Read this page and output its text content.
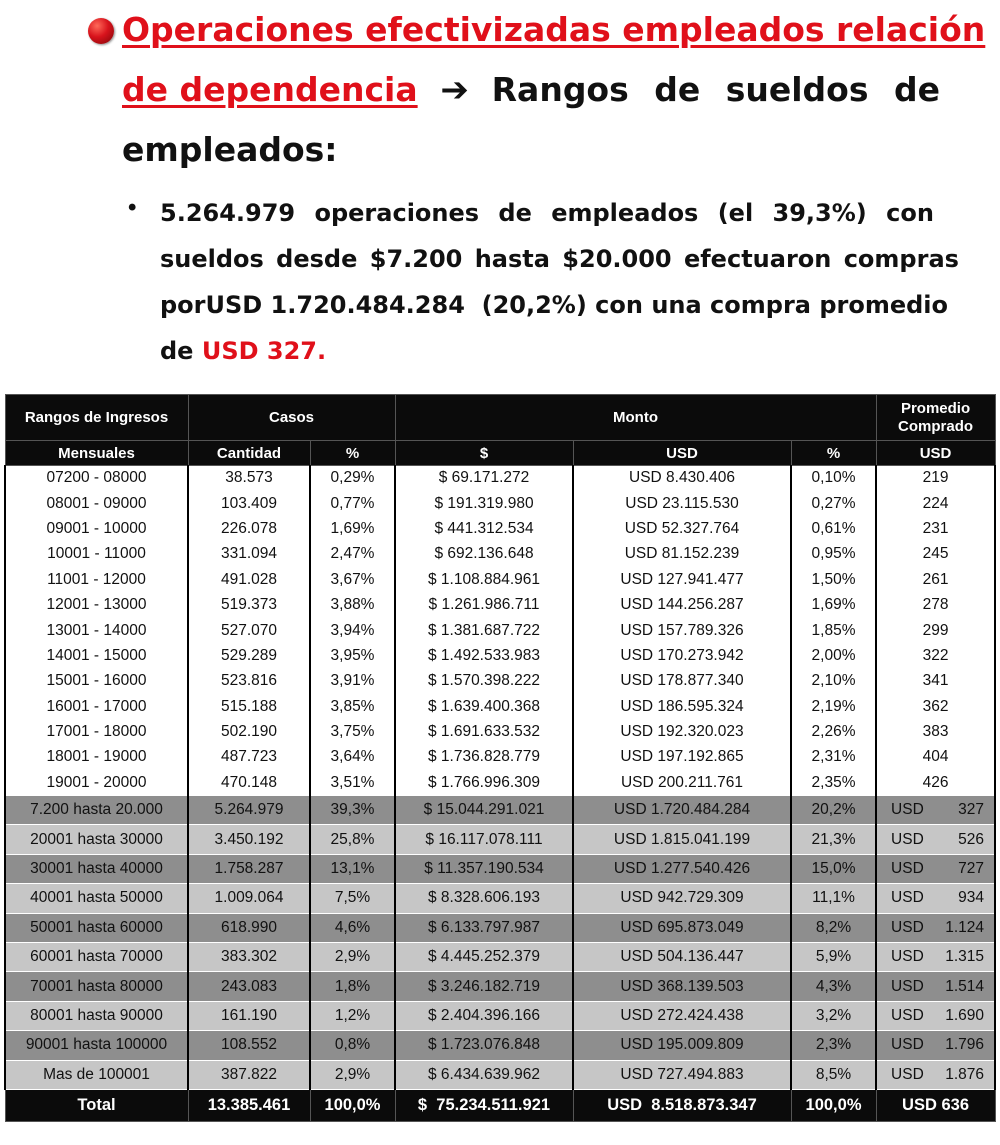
Operaciones efectivizadas empleados relación
de dependencia ➔ Rangos de sueldos de
empleados:
• 5.264.979 operaciones de empleados (el 39,3%) con
sueldos desde $7.200 hasta $20.000 efectuaron compras
porUSD 1.720.484.284  (20,2%) con una compra promedio
de USD 327.
Rangos de Ingresos	Casos		Monto			Promedio Comprado
Mensuales	Cantidad	%	$	USD	%	USD
07200 - 08000	38.573	0,29%	$ 69.171.272	USD 8.430.406	0,10%	219
08001 - 09000	103.409	0,77%	$ 191.319.980	USD 23.115.530	0,27%	224
09001 - 10000	226.078	1,69%	$ 441.312.534	USD 52.327.764	0,61%	231
10001 - 11000	331.094	2,47%	$ 692.136.648	USD 81.152.239	0,95%	245
11001 - 12000	491.028	3,67%	$ 1.108.884.961	USD 127.941.477	1,50%	261
12001 - 13000	519.373	3,88%	$ 1.261.986.711	USD 144.256.287	1,69%	278
13001 - 14000	527.070	3,94%	$ 1.381.687.722	USD 157.789.326	1,85%	299
14001 - 15000	529.289	3,95%	$ 1.492.533.983	USD 170.273.942	2,00%	322
15001 - 16000	523.816	3,91%	$ 1.570.398.222	USD 178.877.340	2,10%	341
16001 - 17000	515.188	3,85%	$ 1.639.400.368	USD 186.595.324	2,19%	362
17001 - 18000	502.190	3,75%	$ 1.691.633.532	USD 192.320.023	2,26%	383
18001 - 19000	487.723	3,64%	$ 1.736.828.779	USD 197.192.865	2,31%	404
19001 - 20000	470.148	3,51%	$ 1.766.996.309	USD 200.211.761	2,35%	426
7.200 hasta 20.000	5.264.979	39,3%	$ 15.044.291.021	USD 1.720.484.284	20,2%	USD 327

20001 hasta 30000	3.450.192	25,8%	$ 16.117.078.111	USD 1.815.041.199	21,3%	USD 526

30001 hasta 40000	1.758.287	13,1%	$ 11.357.190.534	USD 1.277.540.426	15,0%	USD 727

40001 hasta 50000	1.009.064	7,5%	$ 8.328.606.193	USD 942.729.309	11,1%	USD 934

50001 hasta 60000	618.990	4,6%	$ 6.133.797.987	USD 695.873.049	8,2%	USD 1.124

60001 hasta 70000	383.302	2,9%	$ 4.445.252.379	USD 504.136.447	5,9%	USD 1.315

70001 hasta 80000	243.083	1,8%	$ 3.246.182.719	USD 368.139.503	4,3%	USD 1.514

80001 hasta 90000	161.190	1,2%	$ 2.404.396.166	USD 272.424.438	3,2%	USD 1.690

90001 hasta 100000	108.552	0,8%	$ 1.723.076.848	USD 195.009.809	2,3%	USD 1.796

Mas de 100001	387.822	2,9%	$ 6.434.639.962	USD 727.494.883	8,5%	USD 1.876

Total	13.385.461	100,0%	$  75.234.511.921	USD  8.518.873.347	100,0%	USD 636
